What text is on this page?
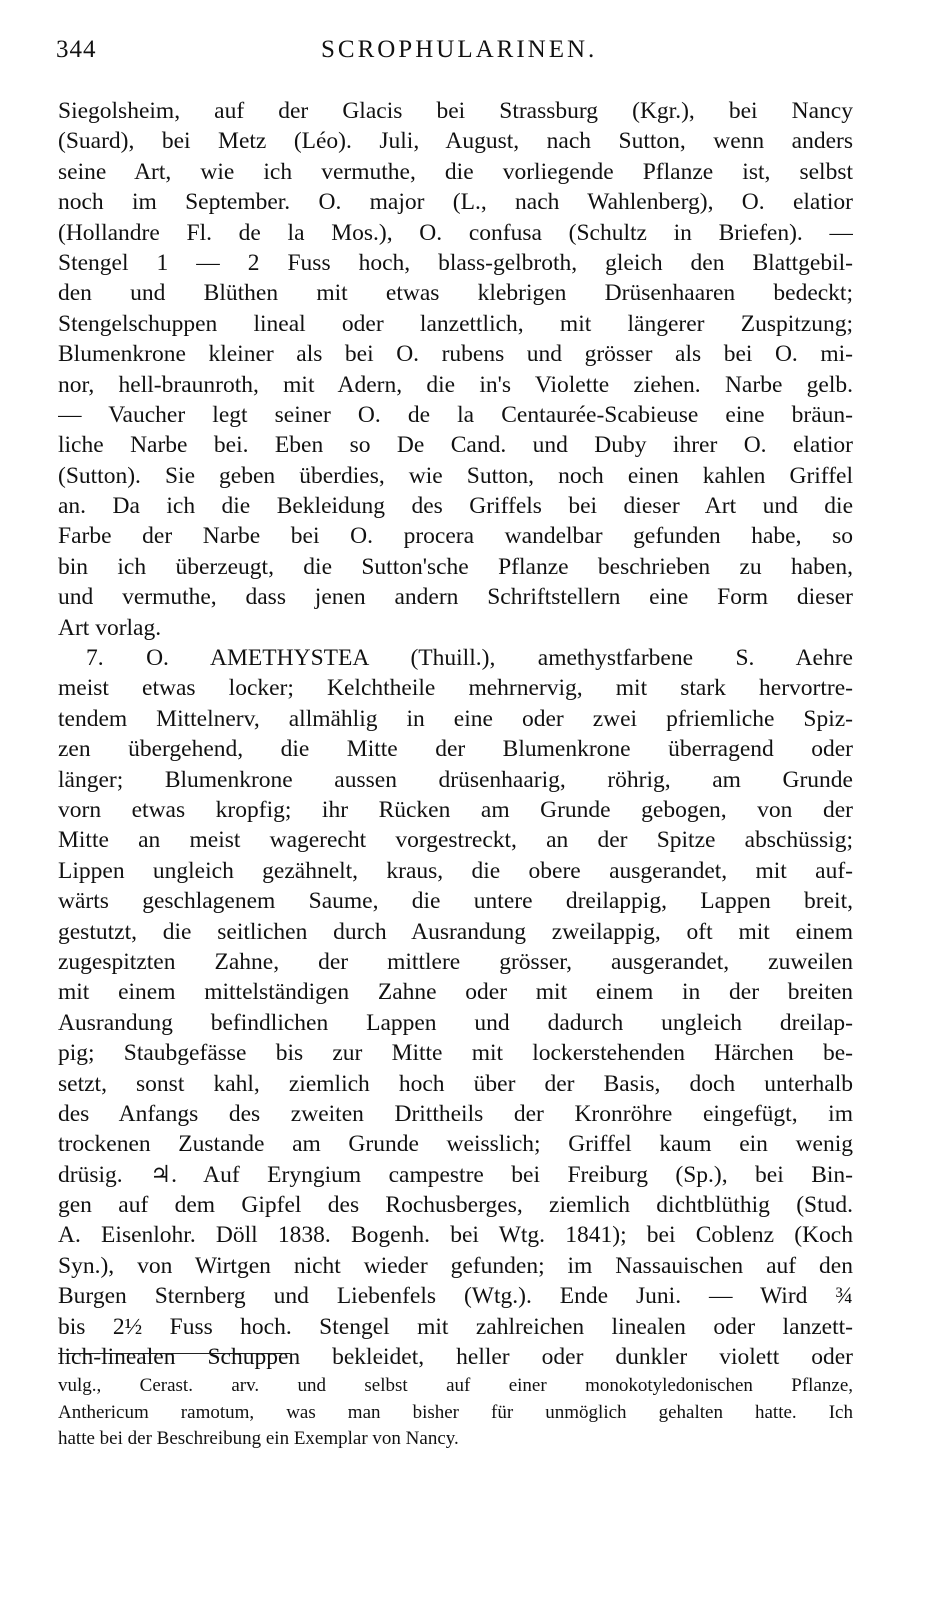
344	SCROPHULARINEN.
Siegolsheim, auf der Glacis bei Strassburg (Kgr.), bei Nancy
(Suard), bei Metz (Léo). Juli, August, nach Sutton, wenn anders
seine Art, wie ich vermuthe, die vorliegende Pflanze ist, selbst
noch im September. O. major (L., nach Wahlenberg), O. elatior
(Hollandre Fl. de la Mos.), O. confusa (Schultz in Briefen). —
Stengel 1 — 2 Fuss hoch, blass-gelbroth, gleich den Blattgebil-
den und Blüthen mit etwas klebrigen Drüsenhaaren bedeckt;
Stengelschuppen lineal oder lanzettlich, mit längerer Zuspitzung;
Blumenkrone kleiner als bei O. rubens und grösser als bei O. mi-
nor, hell-braunroth, mit Adern, die in's Violette ziehen. Narbe gelb.
— Vaucher legt seiner O. de la Centaurée-Scabieuse eine bräun-
liche Narbe bei. Eben so De Cand. und Duby ihrer O. elatior
(Sutton). Sie geben überdies, wie Sutton, noch einen kahlen Griffel
an. Da ich die Bekleidung des Griffels bei dieser Art und die
Farbe der Narbe bei O. procera wandelbar gefunden habe, so
bin ich überzeugt, die Sutton'sche Pflanze beschrieben zu haben,
und vermuthe, dass jenen andern Schriftstellern eine Form dieser
Art vorlag.
7. O. AMETHYSTEA (Thuill.), amethystfarbene S. Aehre
meist etwas locker; Kelchtheile mehrnervig, mit stark hervortre-
tendem Mittelnerv, allmählig in eine oder zwei pfriemliche Spiz-
zen übergehend, die Mitte der Blumenkrone überragend oder
länger; Blumenkrone aussen drüsenhaarig, röhrig, am Grunde
vorn etwas kropfig; ihr Rücken am Grunde gebogen, von der
Mitte an meist wagerecht vorgestreckt, an der Spitze abschüssig;
Lippen ungleich gezähnelt, kraus, die obere ausgerandet, mit auf-
wärts geschlagenem Saume, die untere dreilappig, Lappen breit,
gestutzt, die seitlichen durch Ausrandung zweilappig, oft mit einem
zugespitzten Zahne, der mittlere grösser, ausgerandet, zuweilen
mit einem mittelständigen Zahne oder mit einem in der breiten
Ausrandung befindlichen Lappen und dadurch ungleich dreilap-
pig; Staubgefässe bis zur Mitte mit lockerstehenden Härchen be-
setzt, sonst kahl, ziemlich hoch über der Basis, doch unterhalb
des Anfangs des zweiten Drittheils der Kronröhre eingefügt, im
trockenen Zustande am Grunde weisslich; Griffel kaum ein wenig
drüsig. ♃. Auf Eryngium campestre bei Freiburg (Sp.), bei Bin-
gen auf dem Gipfel des Rochusberges, ziemlich dichtblüthig (Stud.
A. Eisenlohr. Döll 1838. Bogenh. bei Wtg. 1841); bei Coblenz (Koch
Syn.), von Wirtgen nicht wieder gefunden; im Nassauischen auf den
Burgen Sternberg und Liebenfels (Wtg.). Ende Juni. — Wird ¾
bis 2½ Fuss hoch. Stengel mit zahlreichen linealen oder lanzett-
lich-linealen Schuppen bekleidet, heller oder dunkler violett oder
vulg., Cerast. arv. und selbst auf einer monokotyledonischen Pflanze,
Anthericum ramotum, was man bisher für unmöglich gehalten hatte. Ich
hatte bei der Beschreibung ein Exemplar von Nancy.
